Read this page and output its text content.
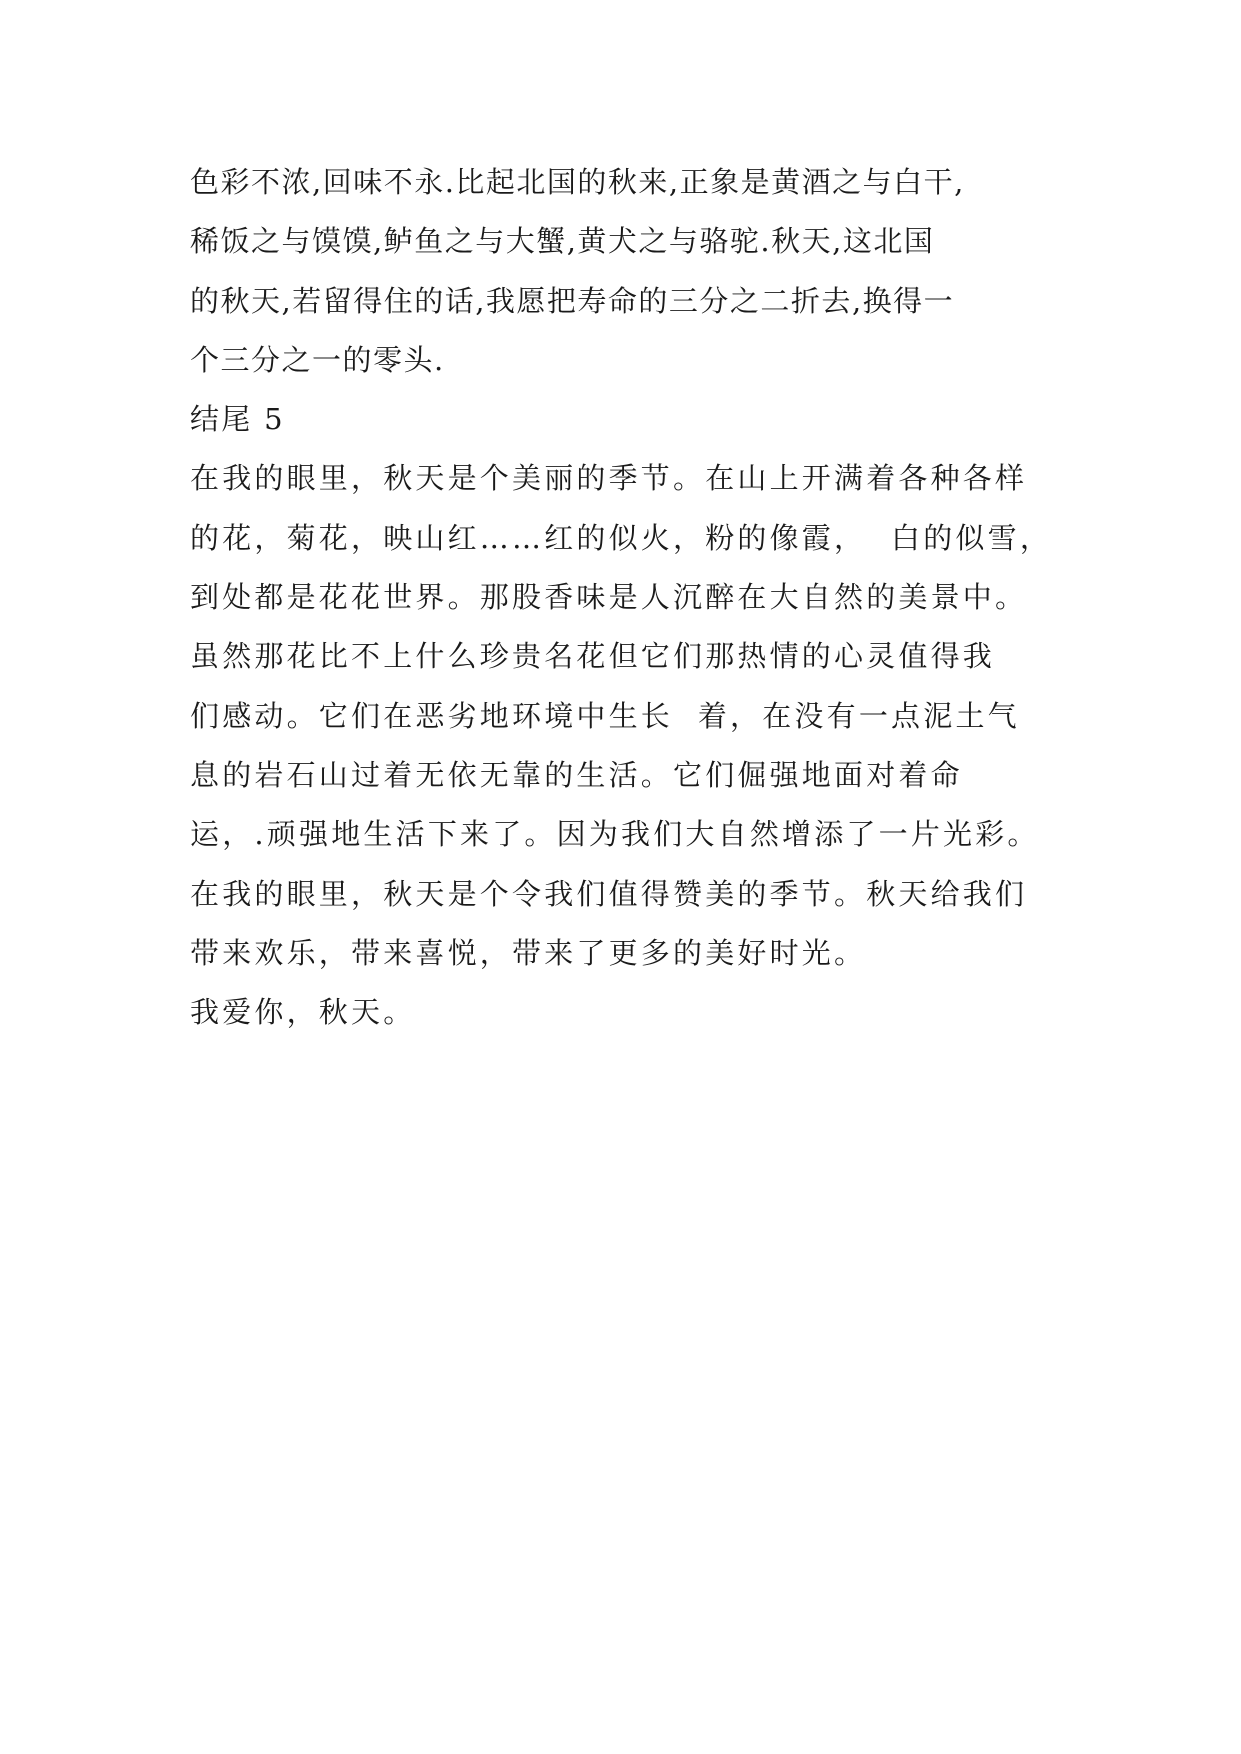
色彩不浓,回味不永.比起北国的秋来,正象是黄酒之与白干,
稀饭之与馍馍,鲈鱼之与大蟹,黄犬之与骆驼.秋天,这北国
的秋天,若留得住的话,我愿把寿命的三分之二折去,换得一
个三分之一的零头.
结尾 5
在我的眼里，秋天是个美丽的季节。在山上开满着各种各样
的花，菊花，映山红……红的似火，粉的像霞，  白的似雪，
到处都是花花世界。那股香味是人沉醉在大自然的美景中。
虽然那花比不上什么珍贵名花但它们那热情的心灵值得我
们感动。它们在恶劣地环境中生长  着，在没有一点泥土气
息的岩石山过着无依无靠的生活。它们倔强地面对着命
运，.顽强地生活下来了。因为我们大自然增添了一片光彩。
在我的眼里，秋天是个令我们值得赞美的季节。秋天给我们
带来欢乐，带来喜悦，带来了更多的美好时光。
我爱你，秋天。
